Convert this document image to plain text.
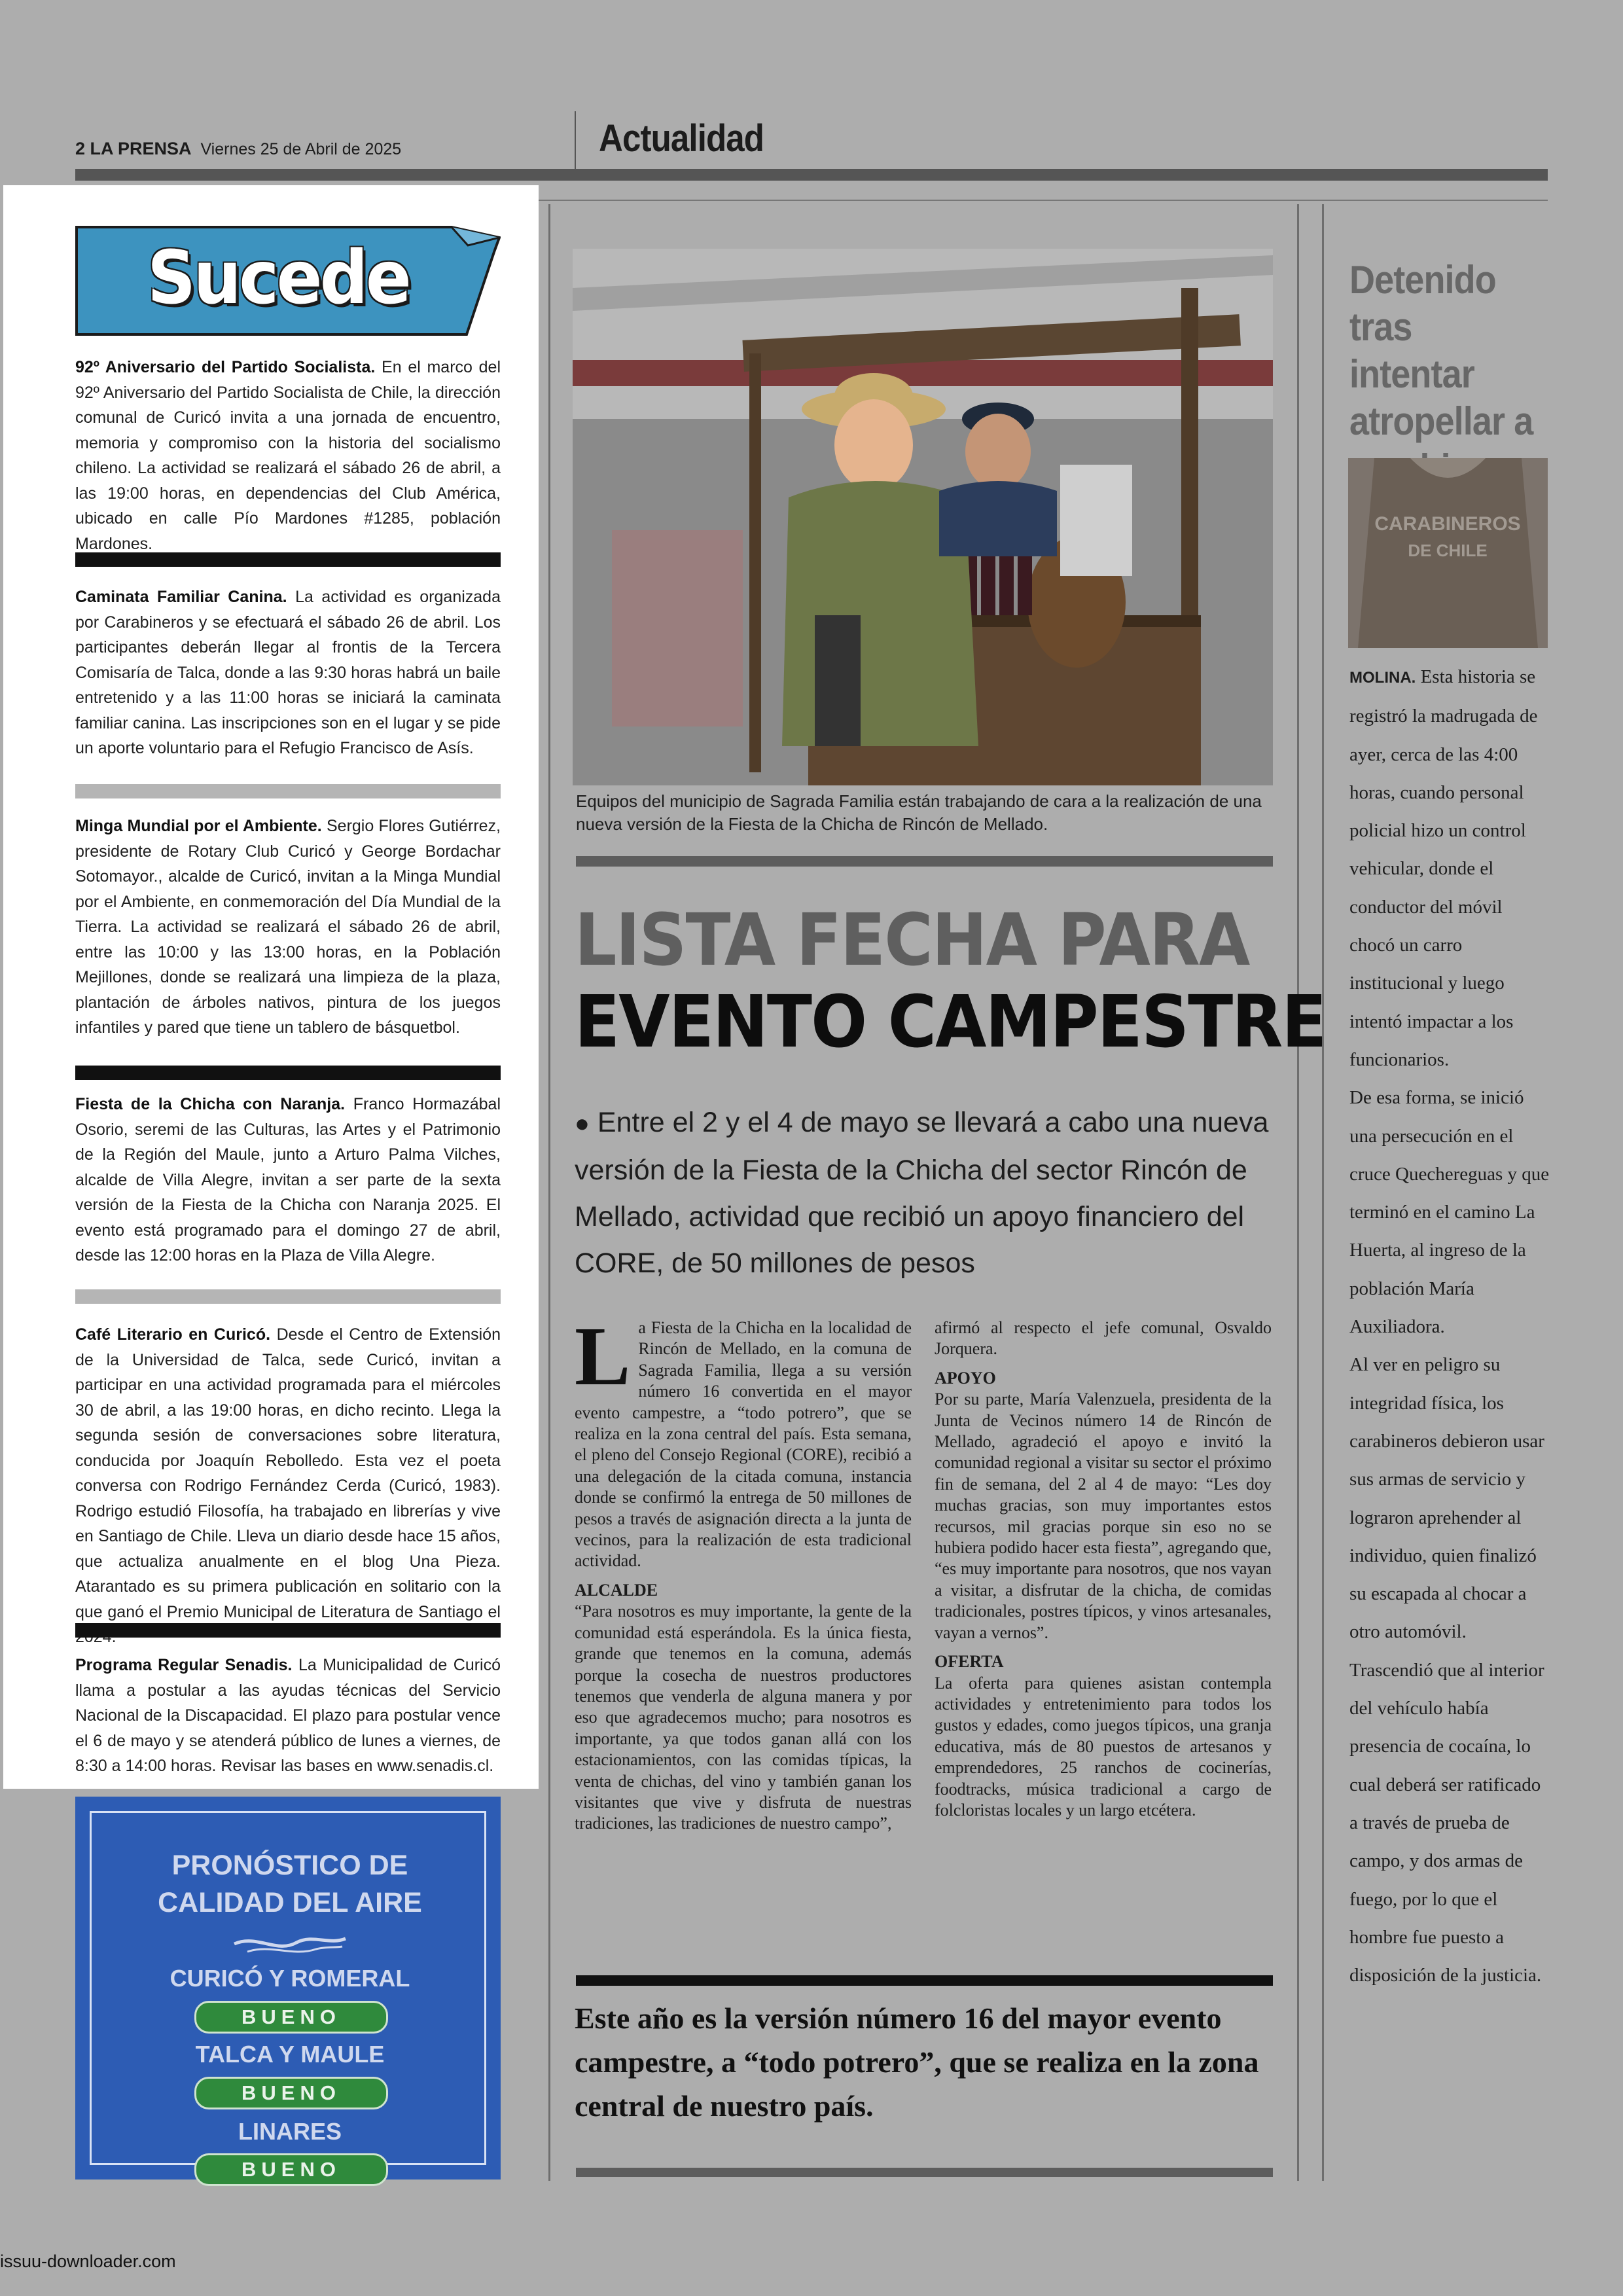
2 LA PRENSA Viernes 25 de Abril de 2025	Actualidad
Sucede
92º Aniversario del Partido Socialista. En el marco del 92º Aniversario del Partido Socialista de Chile, la dirección comunal de Curicó invita a una jornada de encuentro, memoria y compromiso con la historia del socialismo chileno. La actividad se realizará el sábado 26 de abril, a las 19:00 horas, en dependencias del Club América, ubicado en calle Pío Mardones #1285, población Mardones.
Caminata Familiar Canina. La actividad es organizada por Carabineros y se efectuará el sábado 26 de abril. Los participantes deberán llegar al frontis de la Tercera Comisaría de Talca, donde a las 9:30 horas habrá un baile entretenido y a las 11:00 horas se iniciará la caminata familiar canina. Las inscripciones son en el lugar y se pide un aporte voluntario para el Refugio Francisco de Asís.
Minga Mundial por el Ambiente. Sergio Flores Gutiérrez, presidente de Rotary Club Curicó y George Bordachar Sotomayor., alcalde de Curicó, invitan a la Minga Mundial por el Ambiente, en conmemoración del Día Mundial de la Tierra. La actividad se realizará el sábado 26 de abril, entre las 10:00 y las 13:00 horas, en la Población Mejillones, donde se realizará una limpieza de la plaza, plantación de árboles nativos, pintura de los juegos infantiles y pared que tiene un tablero de básquetbol.
Fiesta de la Chicha con Naranja. Franco Hormazábal Osorio, seremi de las Culturas, las Artes y el Patrimonio de la Región del Maule, junto a Arturo Palma Vilches, alcalde de Villa Alegre, invitan a ser parte de la sexta versión de la Fiesta de la Chicha con Naranja 2025. El evento está programado para el domingo 27 de abril, desde las 12:00 horas en la Plaza de Villa Alegre.
Café Literario en Curicó. Desde el Centro de Extensión de la Universidad de Talca, sede Curicó, invitan a participar en una actividad programada para el miércoles 30 de abril, a las 19:00 horas, en dicho recinto. Llega la segunda sesión de conversaciones sobre literatura, conducida por Joaquín Rebolledo. Esta vez el poeta conversa con Rodrigo Fernández Cerda (Curicó, 1983). Rodrigo estudió Filosofía, ha trabajado en librerías y vive en Santiago de Chile. Lleva un diario desde hace 15 años, que actualiza anualmente en el blog Una Pieza. Atarantado es su primera publicación en solitario con la que ganó el Premio Municipal de Literatura de Santiago el
Programa Regular Senadis. La Municipalidad de Curicó llama a postular a las ayudas técnicas del Servicio Nacional de la Discapacidad. El plazo para postular vence el 6 de mayo y se atenderá público de lunes a viernes, de 8:30 a 14:00 horas. Revisar las bases en www.senadis.cl.
PRONÓSTICO DE
CALIDAD DEL AIRE
CURICÓ Y ROMERAL
BUENO
TALCA Y MAULE
BUENO
LINARES
BUENO
Equipos del municipio de Sagrada Familia están trabajando de cara a la realización de una nueva versión de la Fiesta de la Chicha de Rincón de Mellado.
LISTA FECHA PARA
EVENTO CAMPESTRE
● Entre el 2 y el 4 de mayo se llevará a cabo una nueva versión de la Fiesta de la Chicha del sector Rincón de Mellado, actividad que recibió un apoyo financiero del CORE, de 50 millones de pesos
La Fiesta de la Chicha en la localidad de Rincón de Mellado, en la comuna de Sagrada Familia, llega a su versión número 16 convertida en el mayor evento campestre, a “todo potrero”, que se realiza en la zona central del país. Esta semana, el pleno del Consejo Regional (CORE), recibió a una delegación de la citada comuna, instancia donde se confirmó la entrega de 50 millones de pesos a través de asignación directa a la junta de vecinos, para la realización de esta tradicional actividad.
ALCALDE
“Para nosotros es muy importante, la gente de la comunidad está esperándola. Es la única fiesta, grande que tenemos en la comuna, además porque la cosecha de nuestros productores tenemos que venderla de alguna manera y por eso que agradecemos mucho; para nosotros es importante, ya que todos ganan allá con los estacionamientos, con las comidas típicas, la venta de chichas, del vino y también ganan los visitantes que vive y disfruta de nuestras tradiciones, las tradiciones de nuestro campo”,
afirmó al respecto el jefe comunal, Osvaldo Jorquera.
APOYO
Por su parte, María Valenzuela, presidenta de la Junta de Vecinos número 14 de Rincón de Mellado, agradeció el apoyo e invitó la comunidad regional a visitar su sector el próximo fin de semana, del 2 al 4 de mayo: “Les doy muchas gracias, son muy importantes estos recursos, mil gracias porque sin eso no se hubiera podido hacer esta fiesta”, agregando que, “es muy importante para nosotros, que nos vayan a visitar, a disfrutar de la chicha, de comidas tradicionales, postres típicos, y vinos artesanales, vayan a vernos”.
OFERTA
La oferta para quienes asistan contempla actividades y entretenimiento para todos los gustos y edades, como juegos típicos, una granja educativa, más de 80 puestos de artesanos y emprendedores, 25 ranchos de cocinerías, foodtracks, música tradicional a cargo de folcloristas locales y un largo etcétera.
Este año es la versión número 16 del mayor evento campestre, a “todo potrero”, que se realiza en la zona central de nuestro país.
Detenido tras intentar atropellar a
CARABINEROS
DE CHILE
MOLINA. Esta historia se registró la madrugada de ayer, cerca de las 4:00 horas, cuando personal policial hizo un control vehicular, donde el conductor del móvil chocó un carro institucional y luego intentó impactar a los funcionarios.
De esa forma, se inició una persecución en el cruce Quechereguas y que terminó en el camino La Huerta, al ingreso de la población María Auxiliadora.
Al ver en peligro su integridad física, los carabineros debieron usar sus armas de servicio y lograron aprehender al individuo, quien finalizó su escapada al chocar a otro automóvil.
Trascendió que al interior del vehículo había presencia de cocaína, lo cual deberá ser ratificado a través de prueba de campo, y dos armas de fuego, por lo que el hombre fue puesto a disposición de la justicia.
issuu-downloader.com
